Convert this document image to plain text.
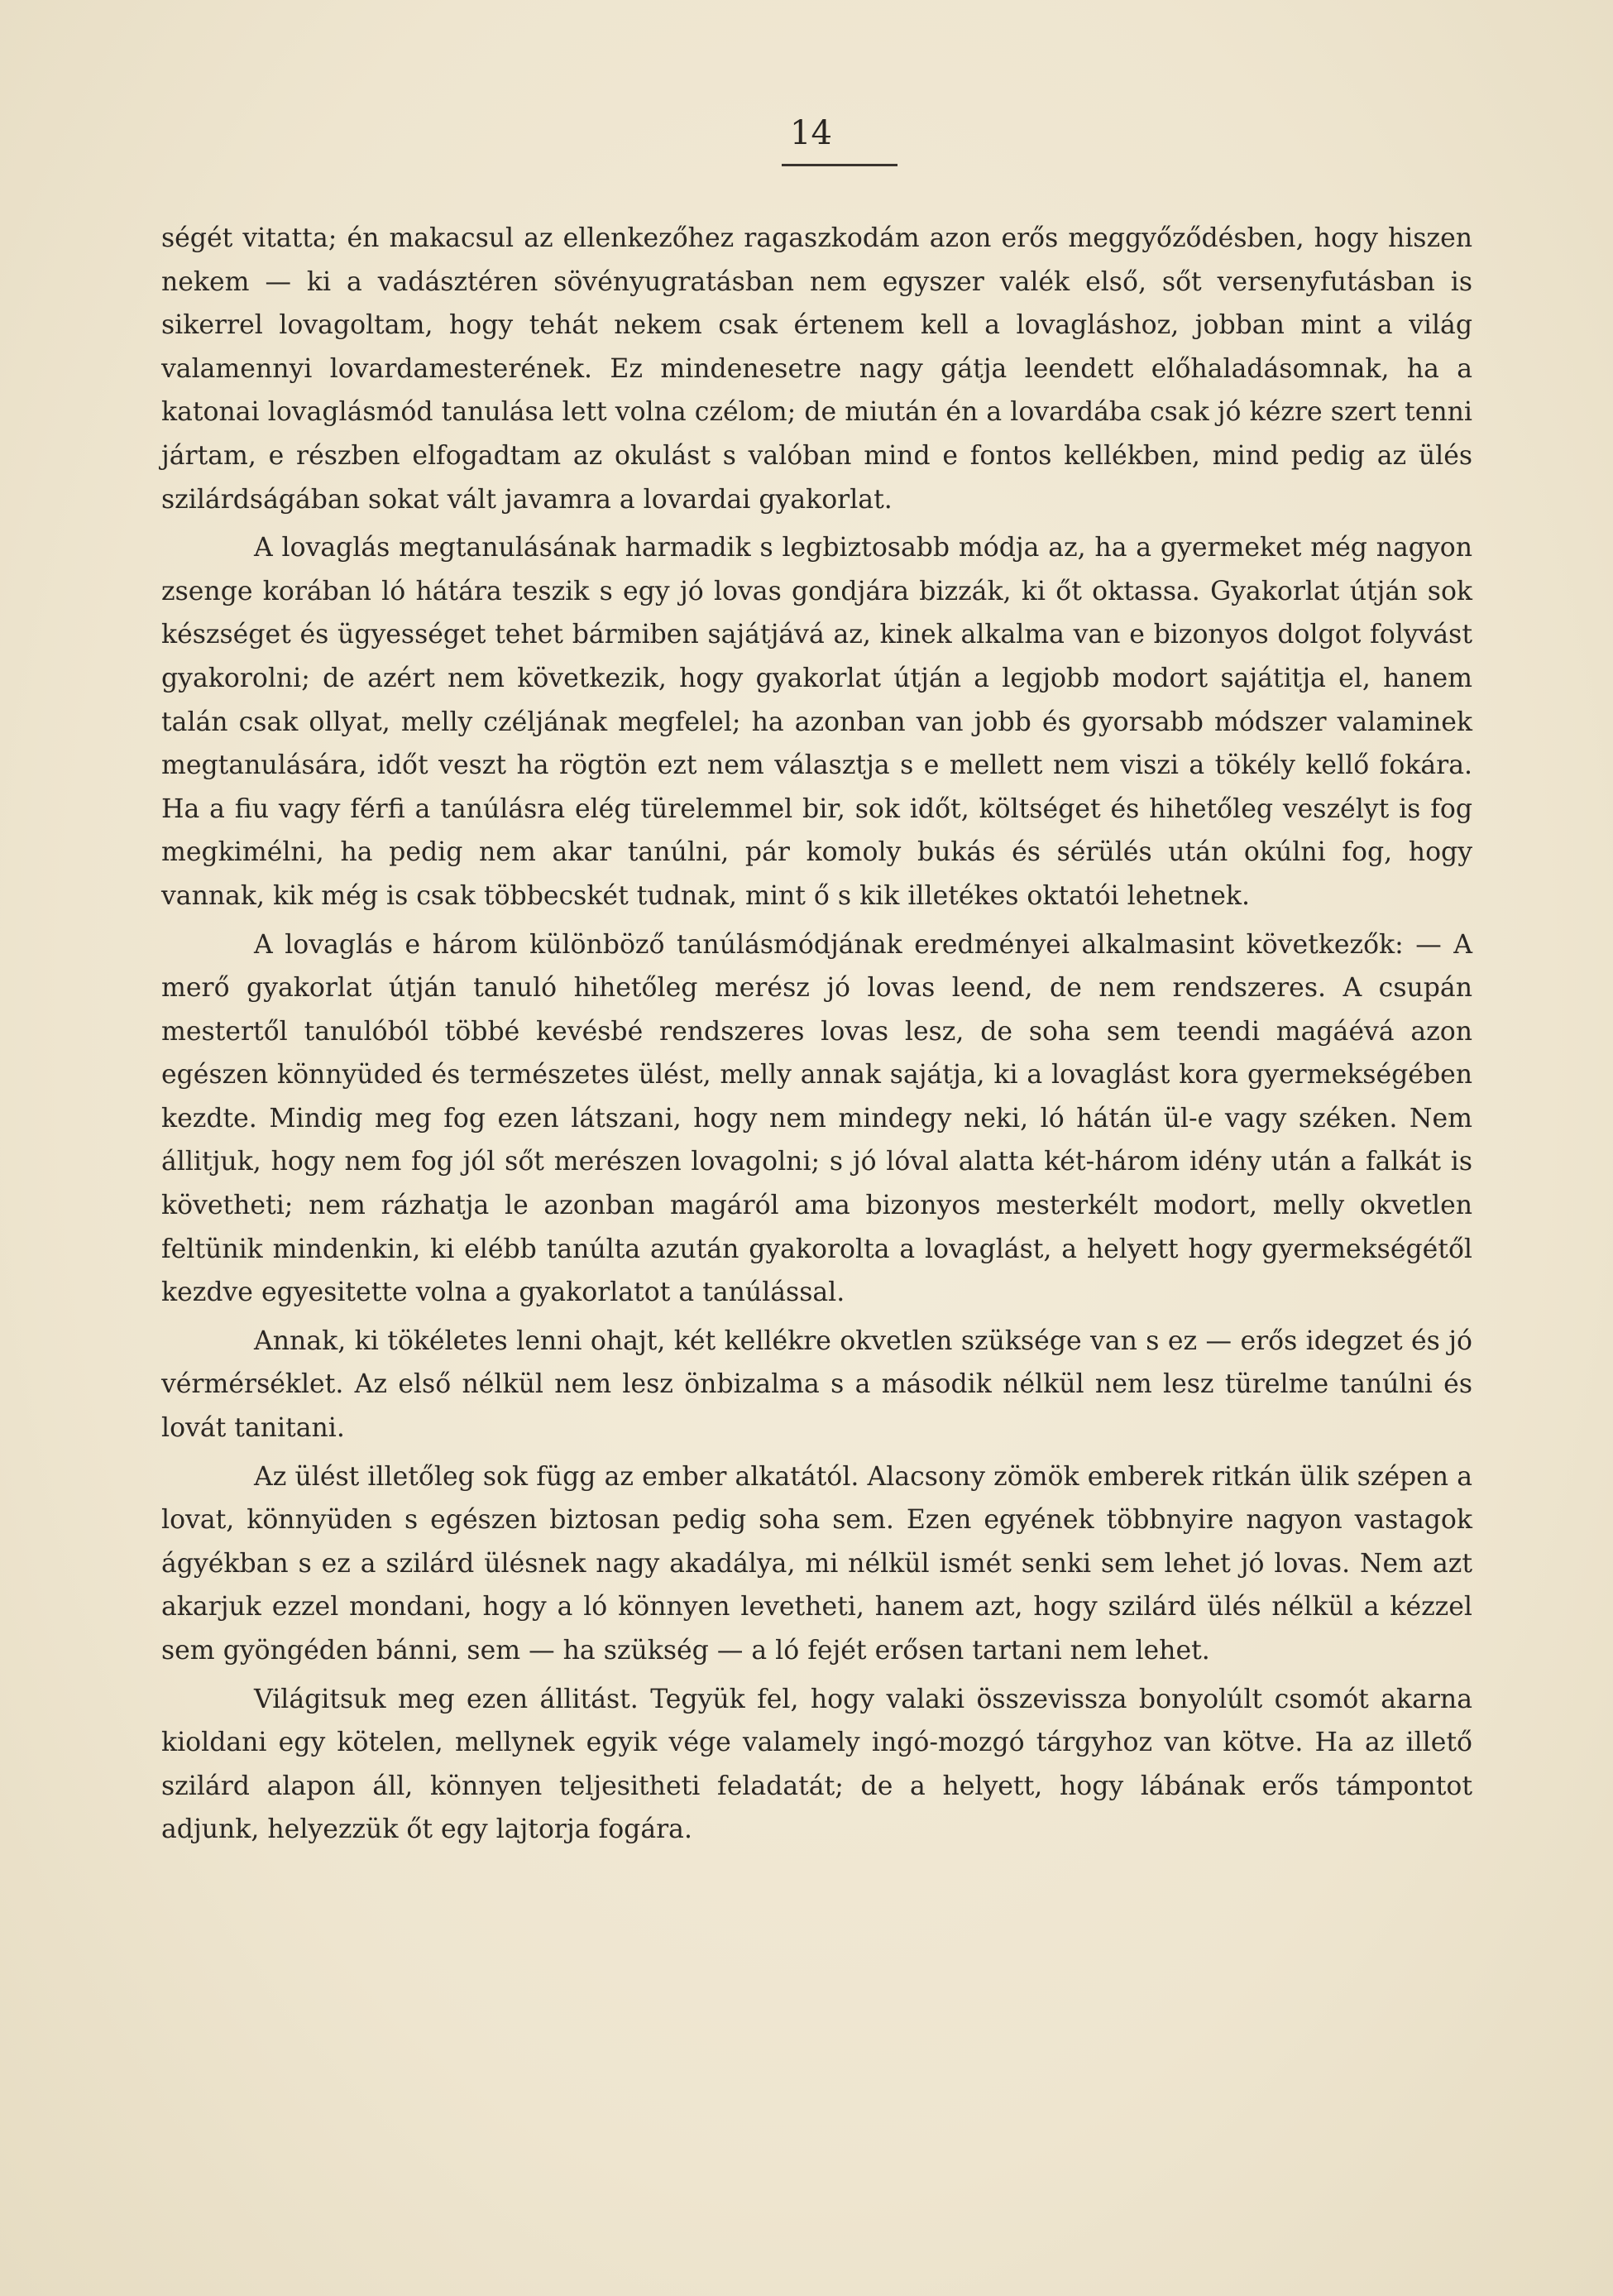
14

ségét vitatta; én makacsul az ellenkezőhez ragaszkodám azon erős meggyőződésben, hogy hiszen nekem — ki a vadásztéren sövényugratásban nem egyszer valék első, sőt versenyfutásban is sikerrel lovagoltam, hogy tehát nekem csak értenem kell a lovagláshoz, jobban mint a világ valamennyi lovardamesterének. Ez mindenesetre nagy gátja leendett előhaladásomnak, ha a katonai lovaglásmód tanulása lett volna czélom; de miután én a lovardába csak jó kézre szert tenni jártam, e részben elfogadtam az okulást s valóban mind e fontos kellékben, mind pedig az ülés szilárdságában sokat vált javamra a lovardai gyakorlat.

A lovaglás megtanulásának harmadik s legbiztosabb módja az, ha a gyermeket még nagyon zsenge korában ló hátára teszik s egy jó lovas gondjára bizzák, ki őt oktassa. Gyakorlat útján sok készséget és ügyességet tehet bármiben sajátjává az, kinek alkalma van e bizonyos dolgot folyvást gyakorolni; de azért nem következik, hogy gyakorlat útján a legjobb modort sajátitja el, hanem talán csak ollyat, melly czéljának megfelel; ha azonban van jobb és gyorsabb módszer valaminek megtanulására, időt veszt ha rögtön ezt nem választja s e mellett nem viszi a tökély kellő fokára. Ha a fiu vagy férfi a tanúlásra elég türelemmel bir, sok időt, költséget és hihetőleg veszélyt is fog megkimélni, ha pedig nem akar tanúlni, pár komoly bukás és sérülés után okúlni fog, hogy vannak, kik még is csak többecskét tudnak, mint ő s kik illetékes oktatói lehetnek.

A lovaglás e három különböző tanúlásmódjának eredményei alkalmasint következők: — A merő gyakorlat útján tanuló hihetőleg merész jó lovas leend, de nem rendszeres. A csupán mestertől tanulóból többé kevésbé rendszeres lovas lesz, de soha sem teendi magáévá azon egészen könnyüded és természetes ülést, melly annak sajátja, ki a lovaglást kora gyermekségében kezdte. Mindig meg fog ezen látszani, hogy nem mindegy neki, ló hátán ül-e vagy széken. Nem állitjuk, hogy nem fog jól sőt merészen lovagolni; s jó lóval alatta két-három idény után a falkát is követheti; nem rázhatja le azonban magáról ama bizonyos mesterkélt modort, melly okvetlen feltünik mindenkin, ki elébb tanúlta azután gyakorolta a lovaglást, a helyett hogy gyermekségétől kezdve egyesitette volna a gyakorlatot a tanúlással.

Annak, ki tökéletes lenni ohajt, két kellékre okvetlen szüksége van s ez — erős idegzet és jó vérmérséklet. Az első nélkül nem lesz önbizalma s a második nélkül nem lesz türelme tanúlni és lovát tanitani.

Az ülést illetőleg sok függ az ember alkatától. Alacsony zömök emberek ritkán ülik szépen a lovat, könnyüden s egészen biztosan pedig soha sem. Ezen egyének többnyire nagyon vastagok ágyékban s ez a szilárd ülésnek nagy akadálya, mi nélkül ismét senki sem lehet jó lovas. Nem azt akarjuk ezzel mondani, hogy a ló könnyen levetheti, hanem azt, hogy szilárd ülés nélkül a kézzel sem gyöngéden bánni, sem — ha szükség — a ló fejét erősen tartani nem lehet.

Világitsuk meg ezen állitást. Tegyük fel, hogy valaki összevissza bonyolúlt csomót akarna kioldani egy kötelen, mellynek egyik vége valamely ingó-mozgó tárgyhoz van kötve. Ha az illető szilárd alapon áll, könnyen teljesitheti feladatát; de a helyett, hogy lábának erős támpontot adjunk, helyezzük őt egy lajtorja fogára.
